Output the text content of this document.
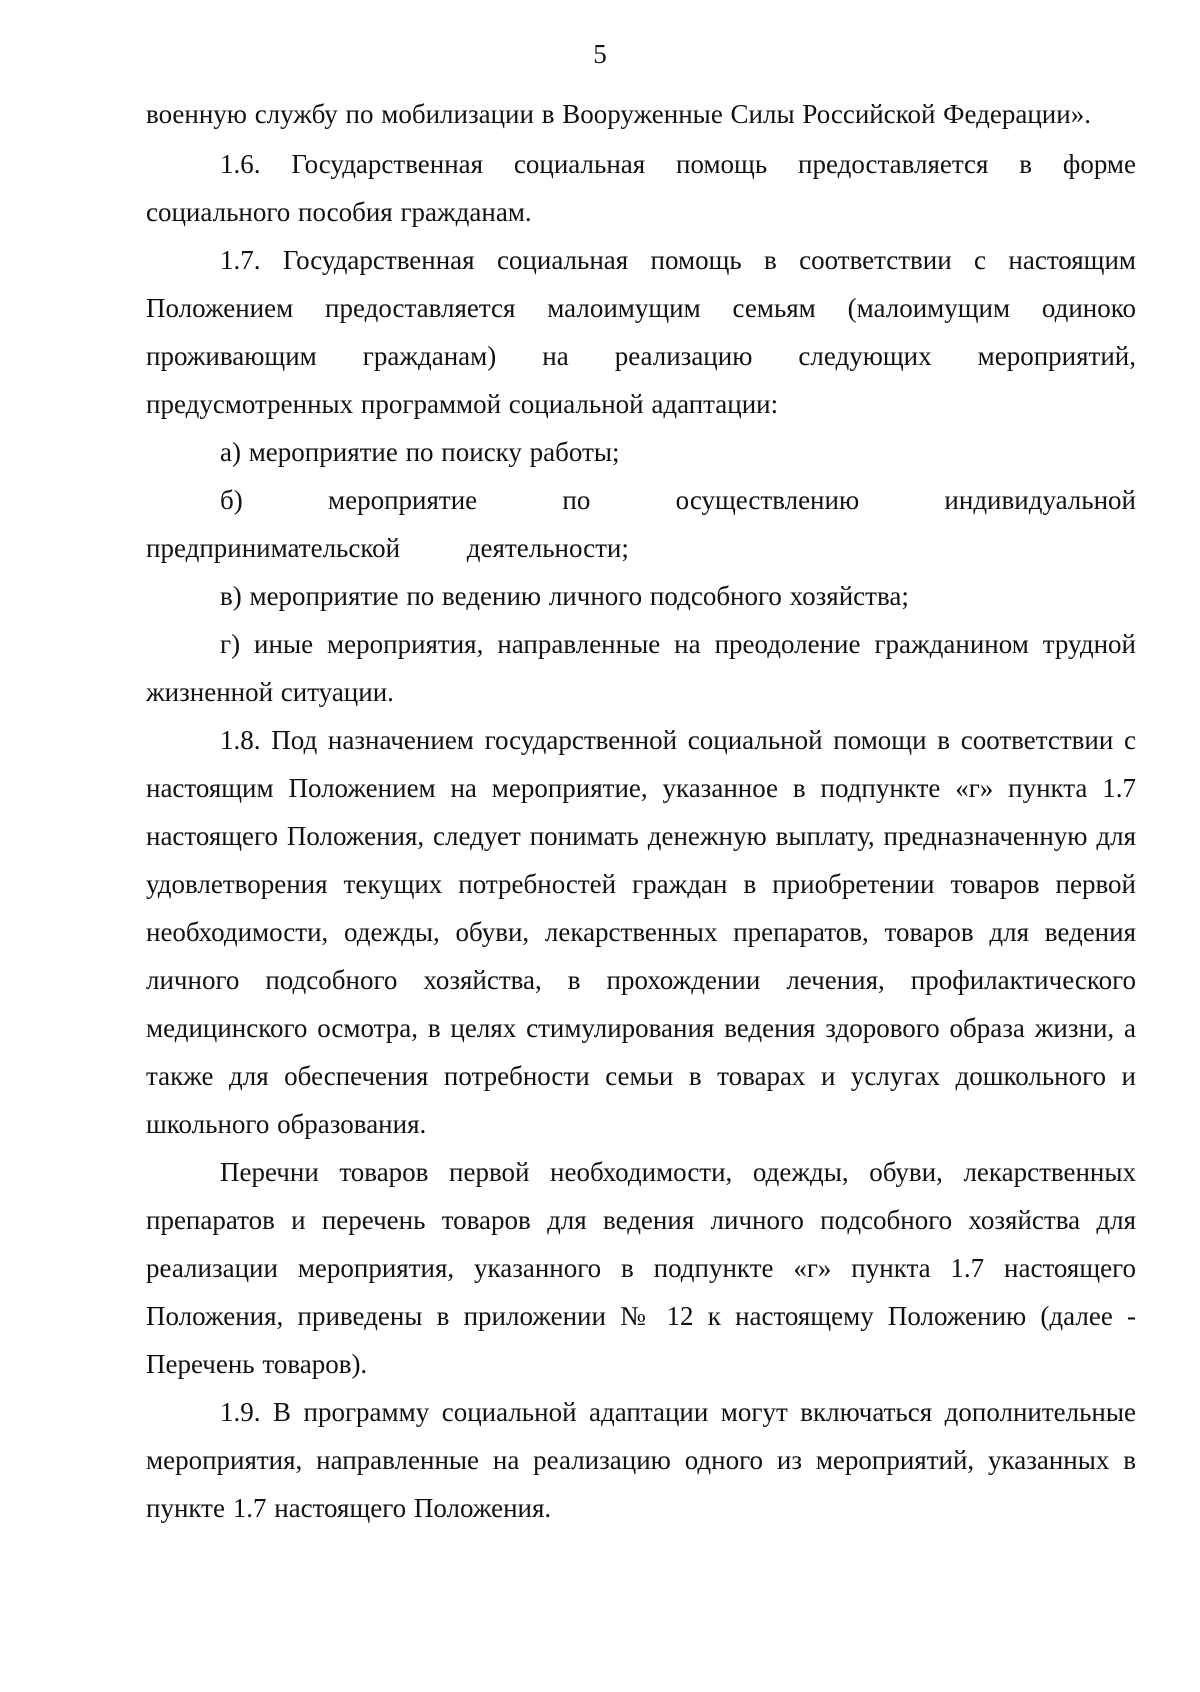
5

военную службу по мобилизации в Вооруженные Силы Российской Федерации».

1.6. Государственная социальная помощь предоставляется в форме социального пособия гражданам.

1.7. Государственная социальная помощь в соответствии с настоящим Положением предоставляется малоимущим семьям (малоимущим одиноко проживающим гражданам) на реализацию следующих мероприятий, предусмотренных программой социальной адаптации:

а) мероприятие по поиску работы;

б) мероприятие по осуществлению индивидуальной предпринимательской деятельности;

в) мероприятие по ведению личного подсобного хозяйства;

г) иные мероприятия, направленные на преодоление гражданином трудной жизненной ситуации.

1.8. Под назначением государственной социальной помощи в соответствии с настоящим Положением на мероприятие, указанное в подпункте «г» пункта 1.7 настоящего Положения, следует понимать денежную выплату, предназначенную для удовлетворения текущих потребностей граждан в приобретении товаров первой необходимости, одежды, обуви, лекарственных препаратов, товаров для ведения личного подсобного хозяйства, в прохождении лечения, профилактического медицинского осмотра, в целях стимулирования ведения здорового образа жизни, а также для обеспечения потребности семьи в товарах и услугах дошкольного и школьного образования.

Перечни товаров первой необходимости, одежды, обуви, лекарственных препаратов и перечень товаров для ведения личного подсобного хозяйства для реализации мероприятия, указанного в подпункте «г» пункта 1.7 настоящего Положения, приведены в приложении № 12 к настоящему Положению (далее - Перечень товаров).

1.9. В программу социальной адаптации могут включаться дополнительные мероприятия, направленные на реализацию одного из мероприятий, указанных в пункте 1.7 настоящего Положения.
